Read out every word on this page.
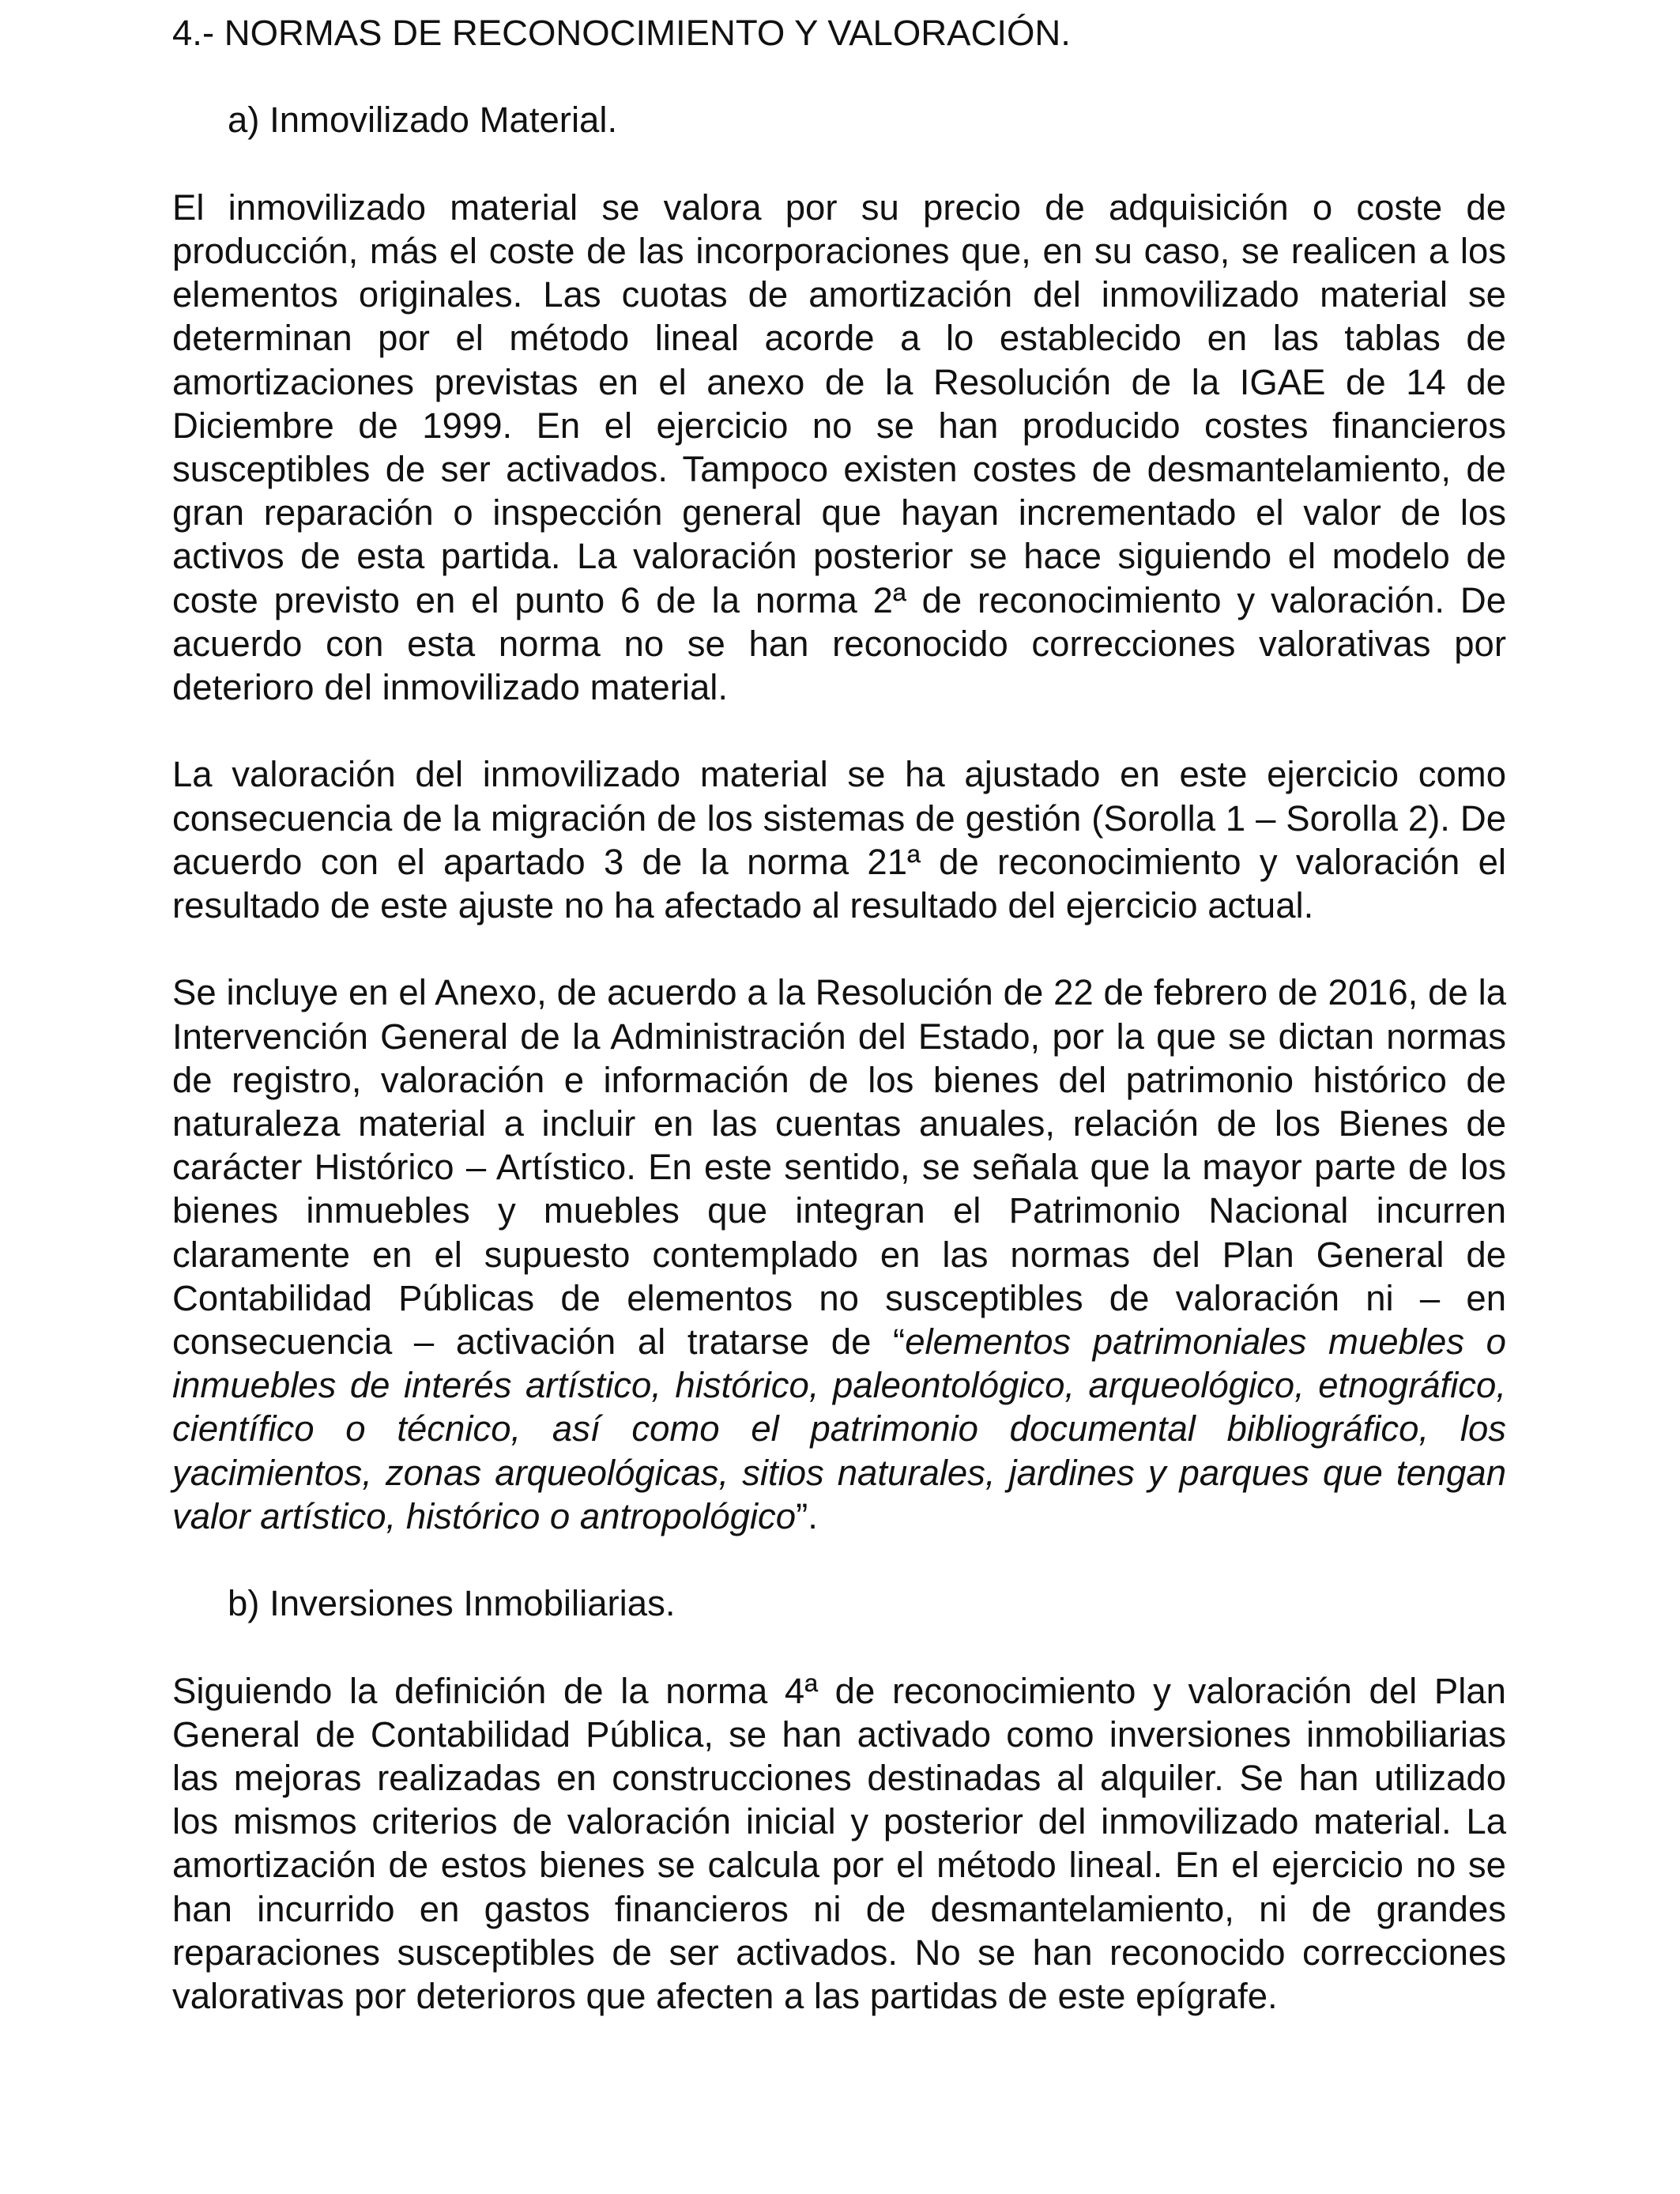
4.- NORMAS DE RECONOCIMIENTO Y VALORACIÓN.
a) Inmovilizado Material.

El inmovilizado material se valora por su precio de adquisición o coste de producción, más el coste de las incorporaciones que, en su caso, se realicen a los elementos originales. Las cuotas de amortización del inmovilizado material se determinan por el método lineal acorde a lo establecido en las tablas de amortizaciones previstas en el anexo de la Resolución de la IGAE de 14 de Diciembre de 1999. En el ejercicio no se han producido costes financieros susceptibles de ser activados. Tampoco existen costes de desmantelamiento, de gran reparación o inspección general que hayan incrementado el valor de los activos de esta partida. La valoración posterior se hace siguiendo el modelo de coste previsto en el punto 6 de la norma 2ª de reconocimiento y valoración. De acuerdo con esta norma no se han reconocido correcciones valorativas por deterioro del inmovilizado material.

La valoración del inmovilizado material se ha ajustado en este ejercicio como consecuencia de la migración de los sistemas de gestión (Sorolla 1 – Sorolla 2). De acuerdo con el apartado 3 de la norma 21ª de reconocimiento y valoración el resultado de este ajuste no ha afectado al resultado del ejercicio actual.

Se incluye en el Anexo, de acuerdo a la Resolución de 22 de febrero de 2016, de la Intervención General de la Administración del Estado, por la que se dictan normas de registro, valoración e información de los bienes del patrimonio histórico de naturaleza material a incluir en las cuentas anuales, relación de los Bienes de carácter Histórico – Artístico. En este sentido, se señala que la mayor parte de los bienes inmuebles y muebles que integran el Patrimonio Nacional incurren claramente en el supuesto contemplado en las normas del Plan General de Contabilidad Públicas de elementos no susceptibles de valoración ni – en consecuencia – activación al tratarse de “elementos patrimoniales muebles o inmuebles de interés artístico, histórico, paleontológico, arqueológico, etnográfico, científico o técnico, así como el patrimonio documental bibliográfico, los yacimientos, zonas arqueológicas, sitios naturales, jardines y parques que tengan valor artístico, histórico o antropológico”.

b) Inversiones Inmobiliarias.

Siguiendo la definición de la norma 4ª de reconocimiento y valoración del Plan General de Contabilidad Pública, se han activado como inversiones inmobiliarias las mejoras realizadas en construcciones destinadas al alquiler. Se han utilizado los mismos criterios de valoración inicial y posterior del inmovilizado material. La amortización de estos bienes se calcula por el método lineal. En el ejercicio no se han incurrido en gastos financieros ni de desmantelamiento, ni de grandes reparaciones susceptibles de ser activados. No se han reconocido correcciones valorativas por deterioros que afecten a las partidas de este epígrafe.
